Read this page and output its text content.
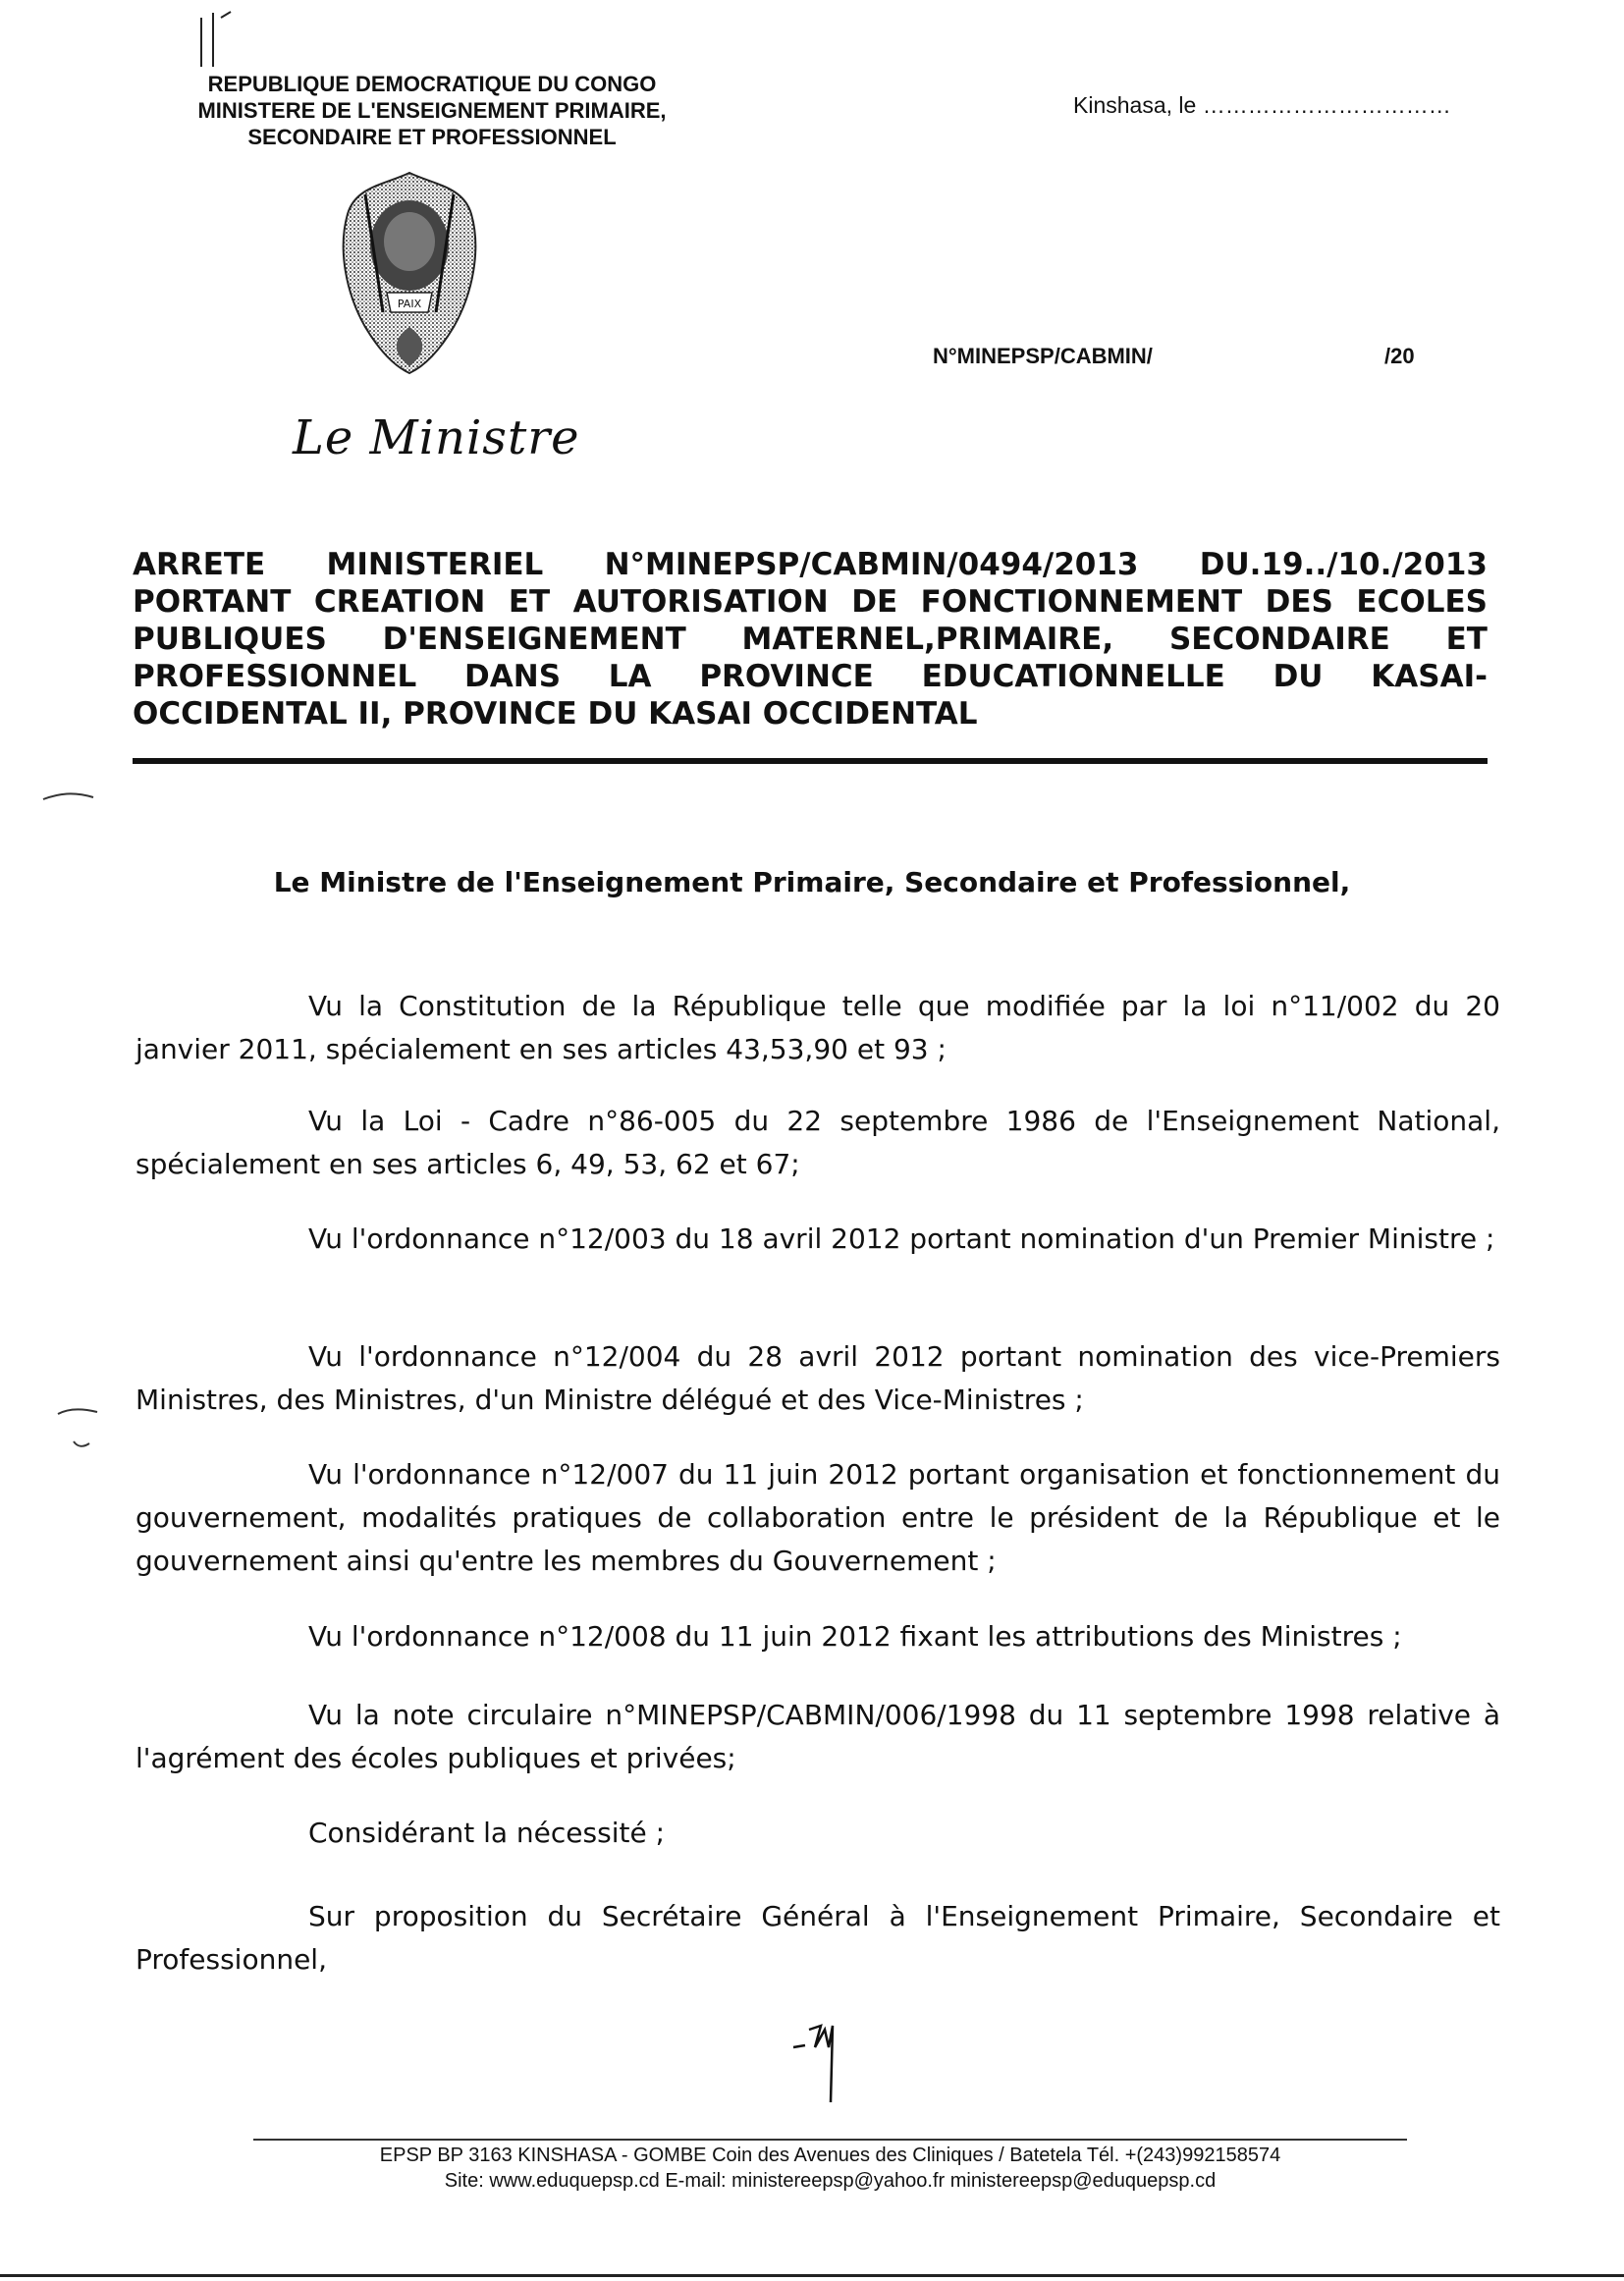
REPUBLIQUE DEMOCRATIQUE DU CONGO
MINISTERE DE L'ENSEIGNEMENT PRIMAIRE,
SECONDAIRE ET PROFESSIONNEL
Kinshasa, le ……………………………
PAIX
N°MINEPSP/CABMIN/	/20
Le Ministre
ARRETE MINISTERIEL N°MINEPSP/CABMIN/0494/2013 DU.19../10./2013
PORTANT CREATION ET AUTORISATION DE FONCTIONNEMENT DES ECOLES
PUBLIQUES D'ENSEIGNEMENT MATERNEL,PRIMAIRE, SECONDAIRE ET
PROFESSIONNEL DANS LA PROVINCE EDUCATIONNELLE DU KASAI-
OCCIDENTAL II, PROVINCE DU KASAI OCCIDENTAL
Le Ministre de l'Enseignement Primaire, Secondaire et Professionnel,
Vu la Constitution de la République telle que modifiée par la loi n°11/002 du 20 janvier 2011, spécialement en ses articles 43,53,90 et 93 ;
Vu la Loi - Cadre n°86-005 du 22 septembre 1986 de l'Enseignement National, spécialement en ses articles 6, 49, 53, 62 et 67;
Vu l'ordonnance n°12/003 du 18 avril 2012 portant nomination d'un Premier Ministre ;
Vu l'ordonnance n°12/004 du 28 avril 2012 portant nomination des vice-Premiers Ministres, des Ministres, d'un Ministre délégué et des Vice-Ministres ;
Vu l'ordonnance n°12/007 du 11 juin 2012 portant organisation et fonctionnement du gouvernement, modalités pratiques de collaboration entre le président de la République et le gouvernement ainsi qu'entre les membres du Gouvernement ;
Vu l'ordonnance n°12/008 du 11 juin 2012 fixant les attributions des Ministres ;
Vu la note circulaire n°MINEPSP/CABMIN/006/1998 du 11 septembre 1998 relative à l'agrément des écoles publiques et privées;
Considérant la nécessité ;
Sur proposition du Secrétaire Général à l'Enseignement Primaire, Secondaire et Professionnel,
EPSP BP 3163 KINSHASA - GOMBE Coin des Avenues des Cliniques / Batetela Tél. +(243)992158574
Site: www.eduquepsp.cd E-mail: ministereepsp@yahoo.fr ministereepsp@eduquepsp.cd
